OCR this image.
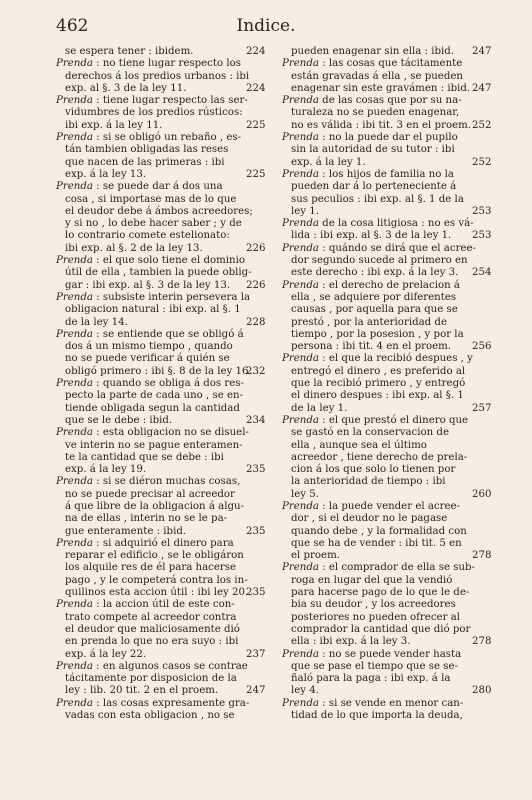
462	Indice.
se espera tener : ibidem.	224
Prenda : no tiene lugar respecto los
derechos á los predios urbanos : ibi
exp. al §. 3 de la ley 11.	224
Prenda : tiene lugar respecto las ser-
vidumbres de los predios rústicos:
ibi exp. á la ley 11.	225
Prenda : si se obligó un rebaño , es-
tán tambien obligadas las reses
que nacen de las primeras : ibi
exp. á la ley 13.	225
Prenda : se puede dar á dos una
cosa , si importase mas de lo que
el deudor debe á ámbos acreedores;
y si no , lo debe hacer saber ; y de
lo contrario comete estelionato:
ibi exp. al §. 2 de la ley 13.	226
Prenda : el que solo tiene el dominio
útil de ella , tambien la puede oblig-
gar : ibi exp. al §. 3 de la ley 13. 226
Prenda : subsiste interin persevera la
obligacion natural : ibi exp. al §. 1
de la ley 14.	228
Prenda : se entiende que se obligó á
dos á un mismo tiempo , quando
no se puede verificar á quién se
obligó primero : ibi §. 8 de la ley 16.
232
Prenda : quando se obliga á dos res-
pecto la parte de cada uno , se en-
tiende obligada segun la cantidad
que se le debe : ibid.	234
Prenda : esta obligacion no se disuel-
ve interin no se pague enteramen-
te la cantidad que se debe : ibi
exp. á la ley 19.	235
Prenda : si se diéron muchas cosas,
no se puede precisar al acreedor
á que libre de la obligacion á algu-
na de ellas , interin no se le pa-
gue enteramente : ibid.	235
Prenda : si adquirió el dinero para
reparar el edificio , se le obligáron
los alquile res de él para hacerse
pago , y le competerá contra los in-
quilinos esta accion útil : ibi ley 20.
235
Prenda : la accion útil de este con-
trato compete al acreedor contra
el deudor que maliciosamente dió
en prenda lo que no era suyo : ibi
exp. á la ley 22.	237
Prenda : en algunos casos se contrae
tácitamente por disposicion de la
ley : lib. 20 tit. 2 en el proem.	247
Prenda : las cosas expresamente gra-
vadas con esta obligacion , no se
pueden enagenar sin ella : ibid. 247
Prenda : las cosas que tácitamente
están gravadas á ella , se pueden
enagenar sin este gravámen : ibid. 247
Prenda de las cosas que por su na-
turaleza no se pueden enagenar,
no es válida : ibi tit. 3 en el proem. 252
Prenda : no la puede dar el pupilo
sin la autoridad de su tutor : ibi
exp. á la ley 1.	252
Prenda : los hijos de familia no la
pueden dar á lo perteneciente á
sus peculios : ibi exp. al §. 1 de la
ley 1.	253
Prenda de la cosa litigiosa : no es vá-
lida : ibi exp. al §. 3 de la ley 1. 253
Prenda : quándo se dirá que el acree-
dor segundo sucede al primero en
este derecho : ibi exp. á la ley 3. 254
Prenda : el derecho de prelacion á
ella , se adquiere por diferentes
causas , por aquella para que se
prestó , por la anterioridad de
tiempo , por la posesion , y por la
persona : ibi tit. 4 en el proem. 256
Prenda : el que la recibió despues , y
entregó el dinero , es preferido al
que la recibió primero , y entregó
el dinero despues : ibi exp. al §. 1
de la ley 1.	257
Prenda : el que prestó el dinero que
se gastó en la conservacion de
ella , aunque sea el último
acreedor , tiene derecho de prela-
cion á los que solo lo tienen por
la anterioridad de tiempo : ibi
ley 5.	260
Prenda : la puede vender el acree-
dor , si el deudor no le pagase
quando debe , y la formalidad con
que se ha de vender : ibi tit. 5 en
el proem.	278
Prenda : el comprador de ella se sub-
roga en lugar del que la vendió
para hacerse pago de lo que le de-
bia su deudor , y los acreedores
posteriores no pueden ofrecer al
comprador la cantidad que dió por
ella : ibi exp. á la ley 3.	278
Prenda : no se puede vender hasta
que se pase el tiempo que se se-
ñaló para la paga : ibi exp. á la
ley 4.	280
Prenda : si se vende en menor can-
tidad de lo que importa la deuda,
